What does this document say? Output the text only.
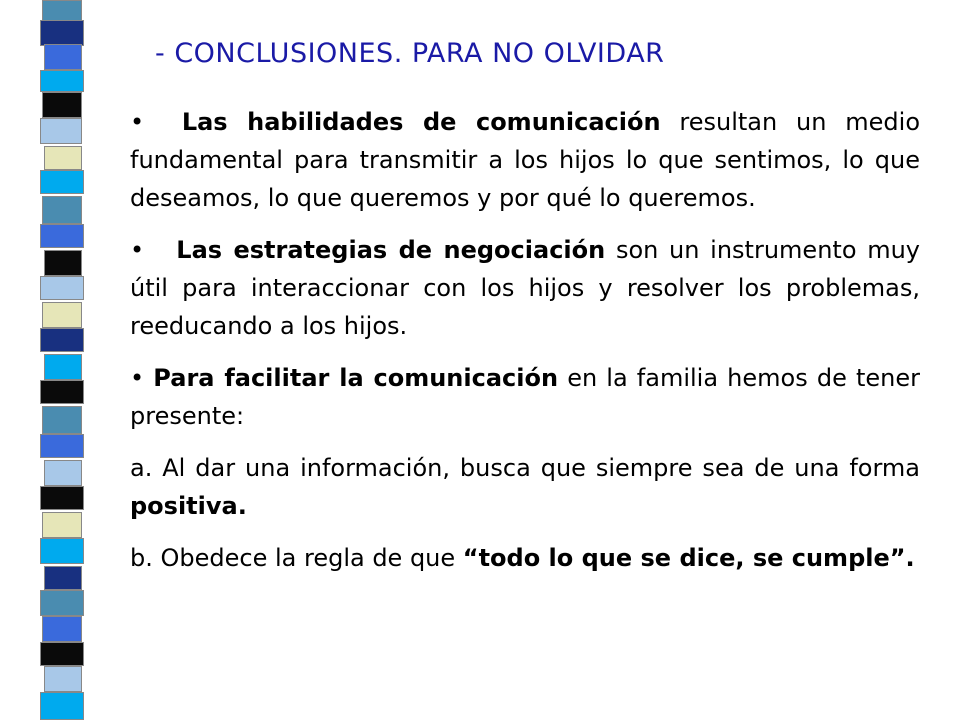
- CONCLUSIONES. PARA NO OLVIDAR

• Las habilidades de comunicación resultan un medio fundamental para transmitir a los hijos lo que sentimos, lo que deseamos, lo que queremos y por qué lo queremos.

• Las estrategias de negociación son un instrumento muy útil para interaccionar con los hijos y resolver los problemas, reeducando a los hijos.

• Para facilitar la comunicación en la familia hemos de tener presente:

a. Al dar una información, busca que siempre sea de una forma positiva.

b. Obedece la regla de que “todo lo que se dice, se cumple”.
